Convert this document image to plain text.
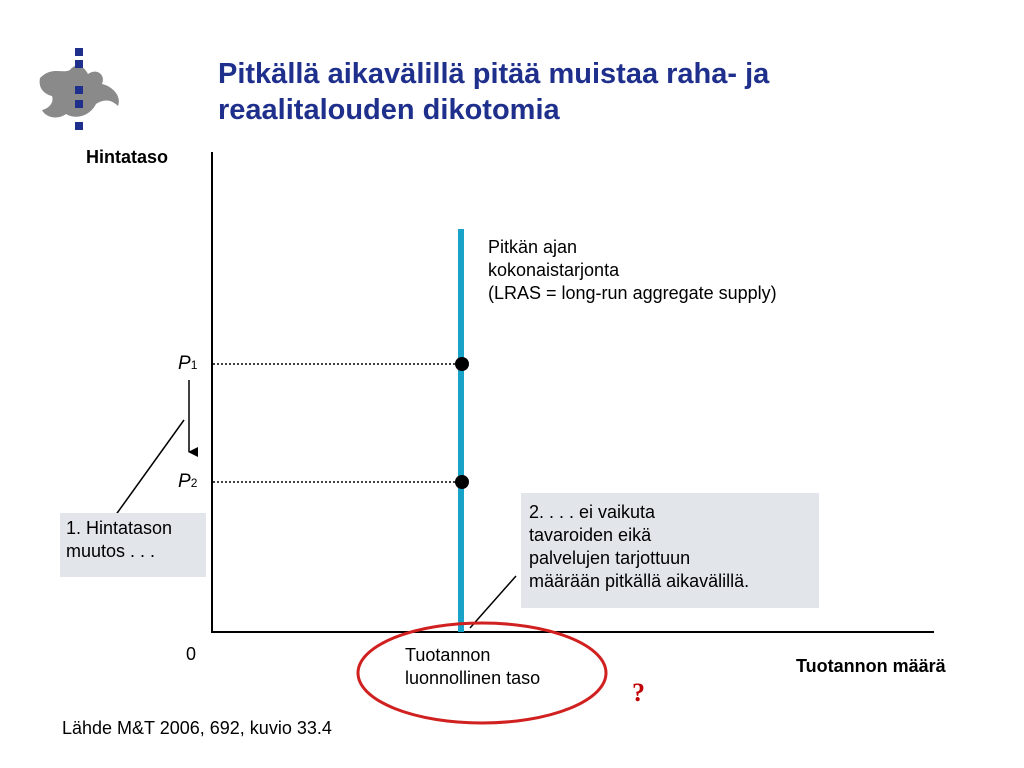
Pitkällä aikavälillä pitää muistaa raha- ja
reaalitalouden dikotomia
Hintataso
Tuotannon määrä
0
P1
P2
Pitkän ajan
kokonaistarjonta
(LRAS = long-run aggregate supply)
Tuotannon
luonnollinen taso
1. Hintatason
muutos . . .
2. . . . ei vaikuta
tavaroiden eikä
palvelujen tarjottuun
määrään pitkällä aikavälillä.
?
Lähde M&T 2006, 692, kuvio 33.4
